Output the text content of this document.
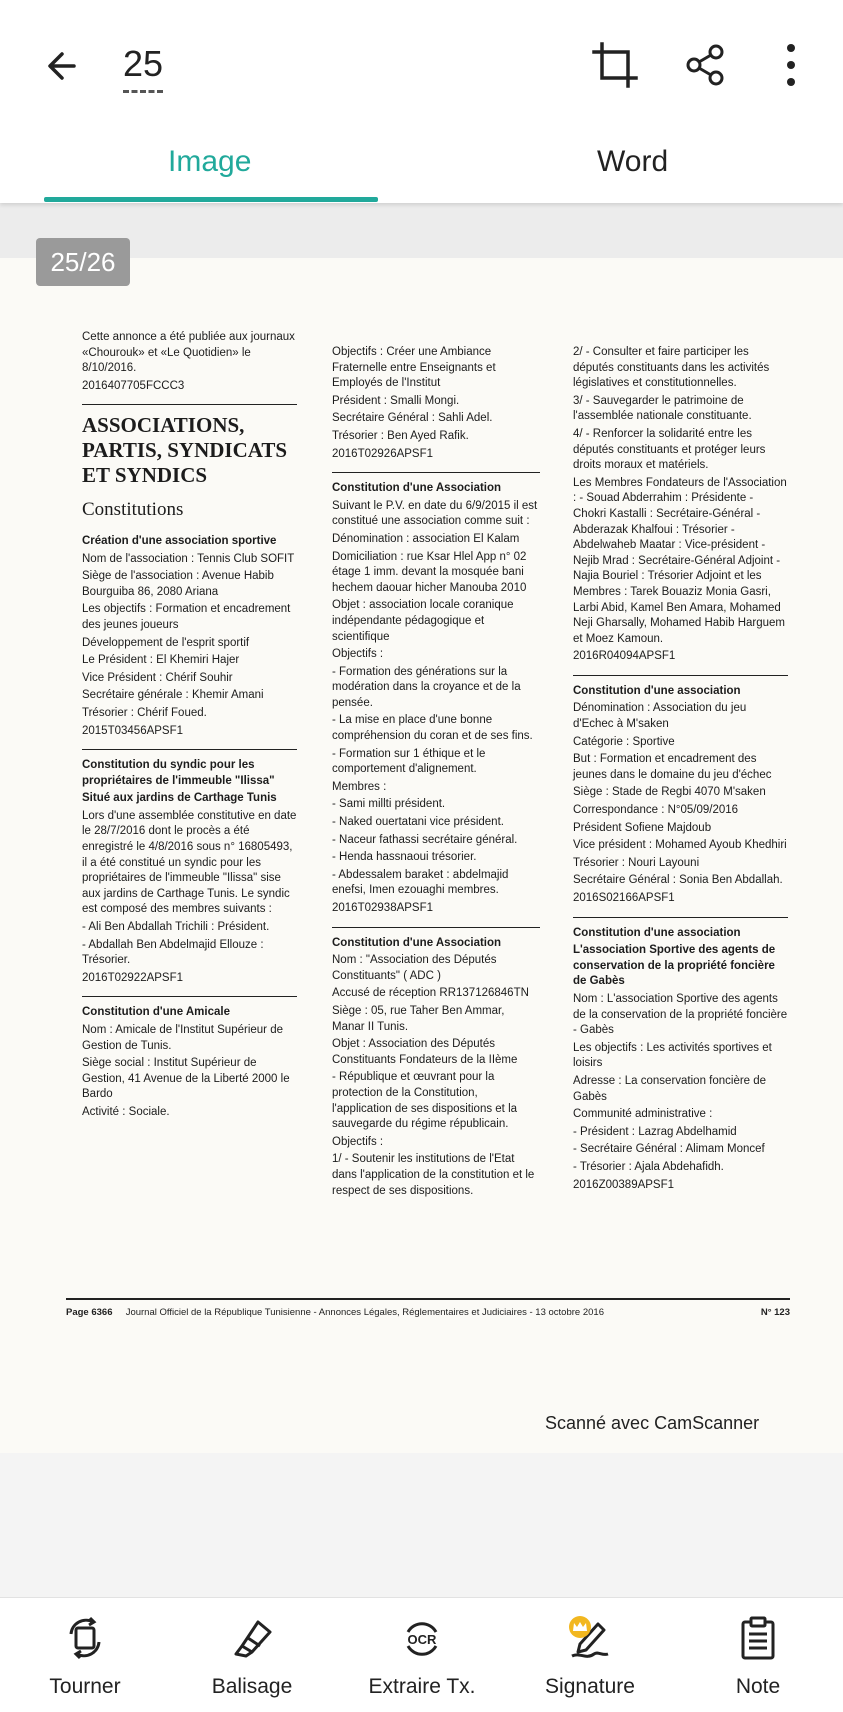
25
Image	Word
25/26

Cette annonce a été publiée aux journaux «Chourouk» et «Le Quotidien» le 8/10/2016.

2016407705FCCC3

ASSOCIATIONS, PARTIS, SYNDICATS ET SYNDICS
Constitutions

Création d'une association sportive

Nom de l'association : Tennis Club SOFIT

Siège de l'association : Avenue Habib Bourguiba 86, 2080 Ariana

Les objectifs : Formation et encadrement des jeunes joueurs

Développement de l'esprit sportif

Le Président : El Khemiri Hajer

Vice Président : Chérif Souhir

Secrétaire générale : Khemir Amani

Trésorier : Chérif Foued.

2015T03456APSF1

Constitution du syndic pour les propriétaires de l'immeuble "Ilissa"

Situé aux jardins de Carthage Tunis

Lors d'une assemblée constitutive en date le 28/7/2016 dont le procès a été enregistré le 4/8/2016 sous n° 16805493, il a été constitué un syndic pour les propriétaires de l'immeuble "Ilissa" sise aux jardins de Carthage Tunis. Le syndic est composé des membres suivants :

- Ali Ben Abdallah Trichili : Président.

- Abdallah Ben Abdelmajid Ellouze : Trésorier.

2016T02922APSF1

Constitution d'une Amicale

Nom : Amicale de l'Institut Supérieur de Gestion de Tunis.

Siège social : Institut Supérieur de Gestion, 41 Avenue de la Liberté 2000 le Bardo

Activité : Sociale.

Objectifs : Créer une Ambiance Fraternelle entre Enseignants et Employés de l'Institut

Président : Smalli Mongi.

Secrétaire Général : Sahli Adel.

Trésorier : Ben Ayed Rafik.

2016T02926APSF1

Constitution d'une Association

Suivant le P.V. en date du 6/9/2015 il est constitué une association comme suit :

Dénomination : association El Kalam

Domiciliation : rue Ksar Hlel App n° 02 étage 1 imm. devant la mosquée bani hechem daouar hicher Manouba 2010

Objet : association locale coranique indépendante pédagogique et scientifique

Objectifs :

- Formation des générations sur la modération dans la croyance et de la pensée.

- La mise en place d'une bonne compréhension du coran et de ses fins.

- Formation sur 1 éthique et le comportement d'alignement.

Membres :

- Sami millti président.

- Naked ouertatani vice président.

- Naceur fathassi secrétaire général.

- Henda hassnaoui trésorier.

- Abdessalem baraket : abdelmajid enefsi, Imen ezouaghi membres.

2016T02938APSF1

Constitution d'une Association

Nom : "Association des Députés Constituants" ( ADC )

Accusé de réception RR137126846TN

Siège : 05, rue Taher Ben Ammar, Manar II Tunis.

Objet : Association des Députés Constituants Fondateurs de la IIème

- République et œuvrant pour la protection de la Constitution, l'application de ses dispositions et la sauvegarde du régime républicain.

Objectifs :

1/ - Soutenir les institutions de l'Etat dans l'application de la constitution et le respect de ses dispositions.

2/ - Consulter et faire participer les députés constituants dans les activités législatives et constitutionnelles.

3/ - Sauvegarder le patrimoine de l'assemblée nationale constituante.

4/ - Renforcer la solidarité entre les députés constituants et protéger leurs droits moraux et matériels.

Les Membres Fondateurs de l'Association : - Souad Abderrahim : Présidente - Chokri Kastalli : Secrétaire-Général - Abderazak Khalfoui : Trésorier - Abdelwaheb Maatar : Vice-président - Nejib Mrad : Secrétaire-Général Adjoint - Najia Bouriel : Trésorier Adjoint et les Membres : Tarek Bouaziz Monia Gasri, Larbi Abid, Kamel Ben Amara, Mohamed Neji Gharsally, Mohamed Habib Harguem et Moez Kamoun.

2016R04094APSF1

Constitution d'une association

Dénomination : Association du jeu d'Echec à M'saken

Catégorie : Sportive

But : Formation et encadrement des jeunes dans le domaine du jeu d'échec

Siège : Stade de Regbi 4070 M'saken

Correspondance : N°05/09/2016

Président Sofiene Majdoub

Vice président : Mohamed Ayoub Khedhiri

Trésorier : Nouri Layouni

Secrétaire Général : Sonia Ben Abdallah.

2016S02166APSF1

Constitution d'une association

L'association Sportive des agents de conservation de la propriété foncière de Gabès

Nom : L'association Sportive des agents de la conservation de la propriété foncière - Gabès

Les objectifs : Les activités sportives et loisirs

Adresse : La conservation foncière de Gabès

Communité administrative :

- Président : Lazrag Abdelhamid

- Secrétaire Général : Alimam Moncef

- Trésorier : Ajala Abdehafidh.

2016Z00389APSF1

Page 6366 Journal Officiel de la République Tunisienne - Annonces Légales, Réglementaires et Judiciaires - 13 octobre 2016	N° 123
Scanné avec CamScanner
Tourner	Balisage
OCR
Extraire Tx.	Signature	Note
